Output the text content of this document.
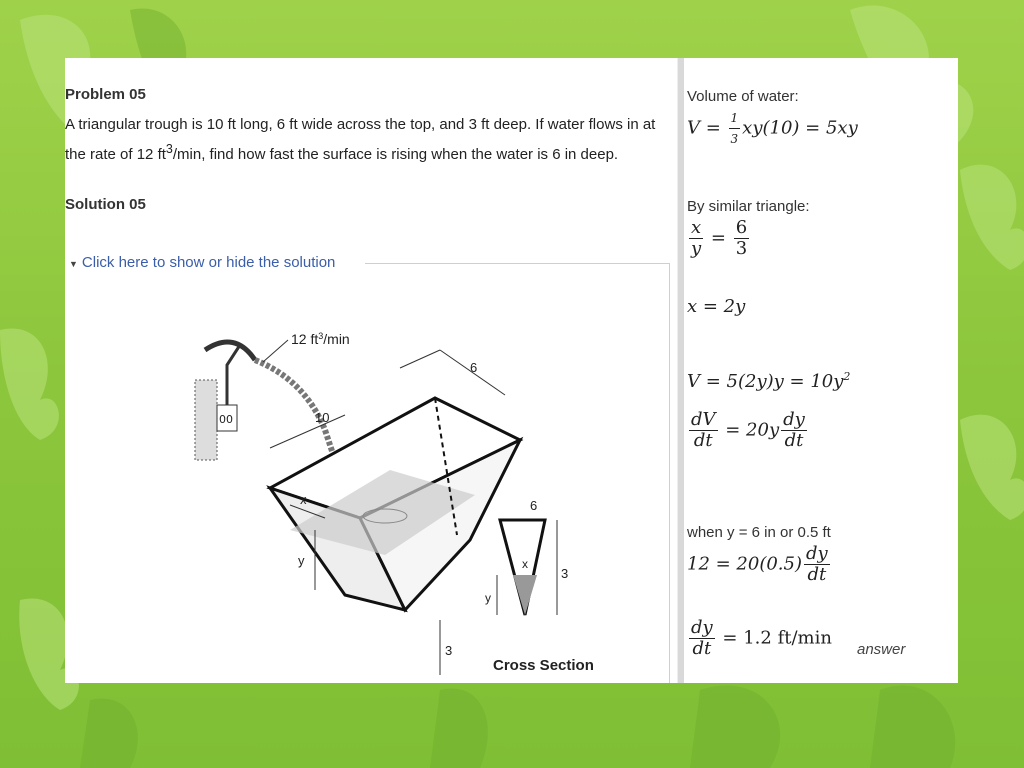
Problem 05
A triangular trough is 10 ft long, 6 ft wide across the top, and 3 ft deep. If water flows in at the rate of 12 $ft^3/\min$, find how fast the surface is rising when the water is 6 in deep.
Solution 05
▼ Click here to show or hide the solution
00
12 $ft^3/\min$
10
6
x
y
3
6
x
y
3
Cross Section
Volume of water:
$V = \frac{1}{3} xy(10) = 5xy$
By similar triangle:
$\frac{x}{y} = \frac{6}{3}$
x = 2y
$V = 5(2y)y = 10y^2$
$\frac{dV}{dt} = 20y \frac{dy}{dt}$
when y = 6 in or 0.5 ft
$12 = 20(0.5) \frac{dy}{dt}$
$\frac{dy}{dt} = 1.2$ ft/min
answer
